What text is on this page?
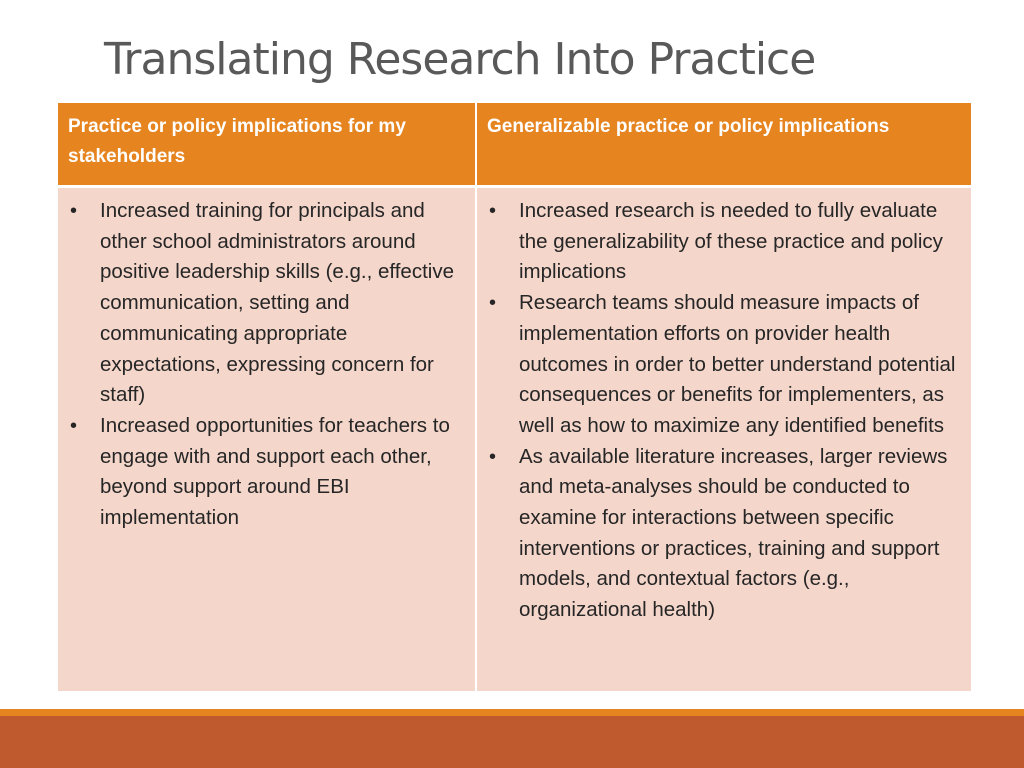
Translating Research Into Practice
Practice or policy implications for my stakeholders
Generalizable practice or policy implications
• Increased training for principals and other school administrators around positive leadership skills (e.g., effective communication, setting and communicating appropriate expectations, expressing concern for staff)
• Increased opportunities for teachers to engage with and support each other, beyond support around EBI implementation
• Increased research is needed to fully evaluate the generalizability of these practice and policy implications
• Research teams should measure impacts of implementation efforts on provider health outcomes in order to better understand potential consequences or benefits for implementers, as well as how to maximize any identified benefits
• As available literature increases, larger reviews and meta-analyses should be conducted to examine for interactions between specific interventions or practices, training and support models, and contextual factors (e.g., organizational health)
